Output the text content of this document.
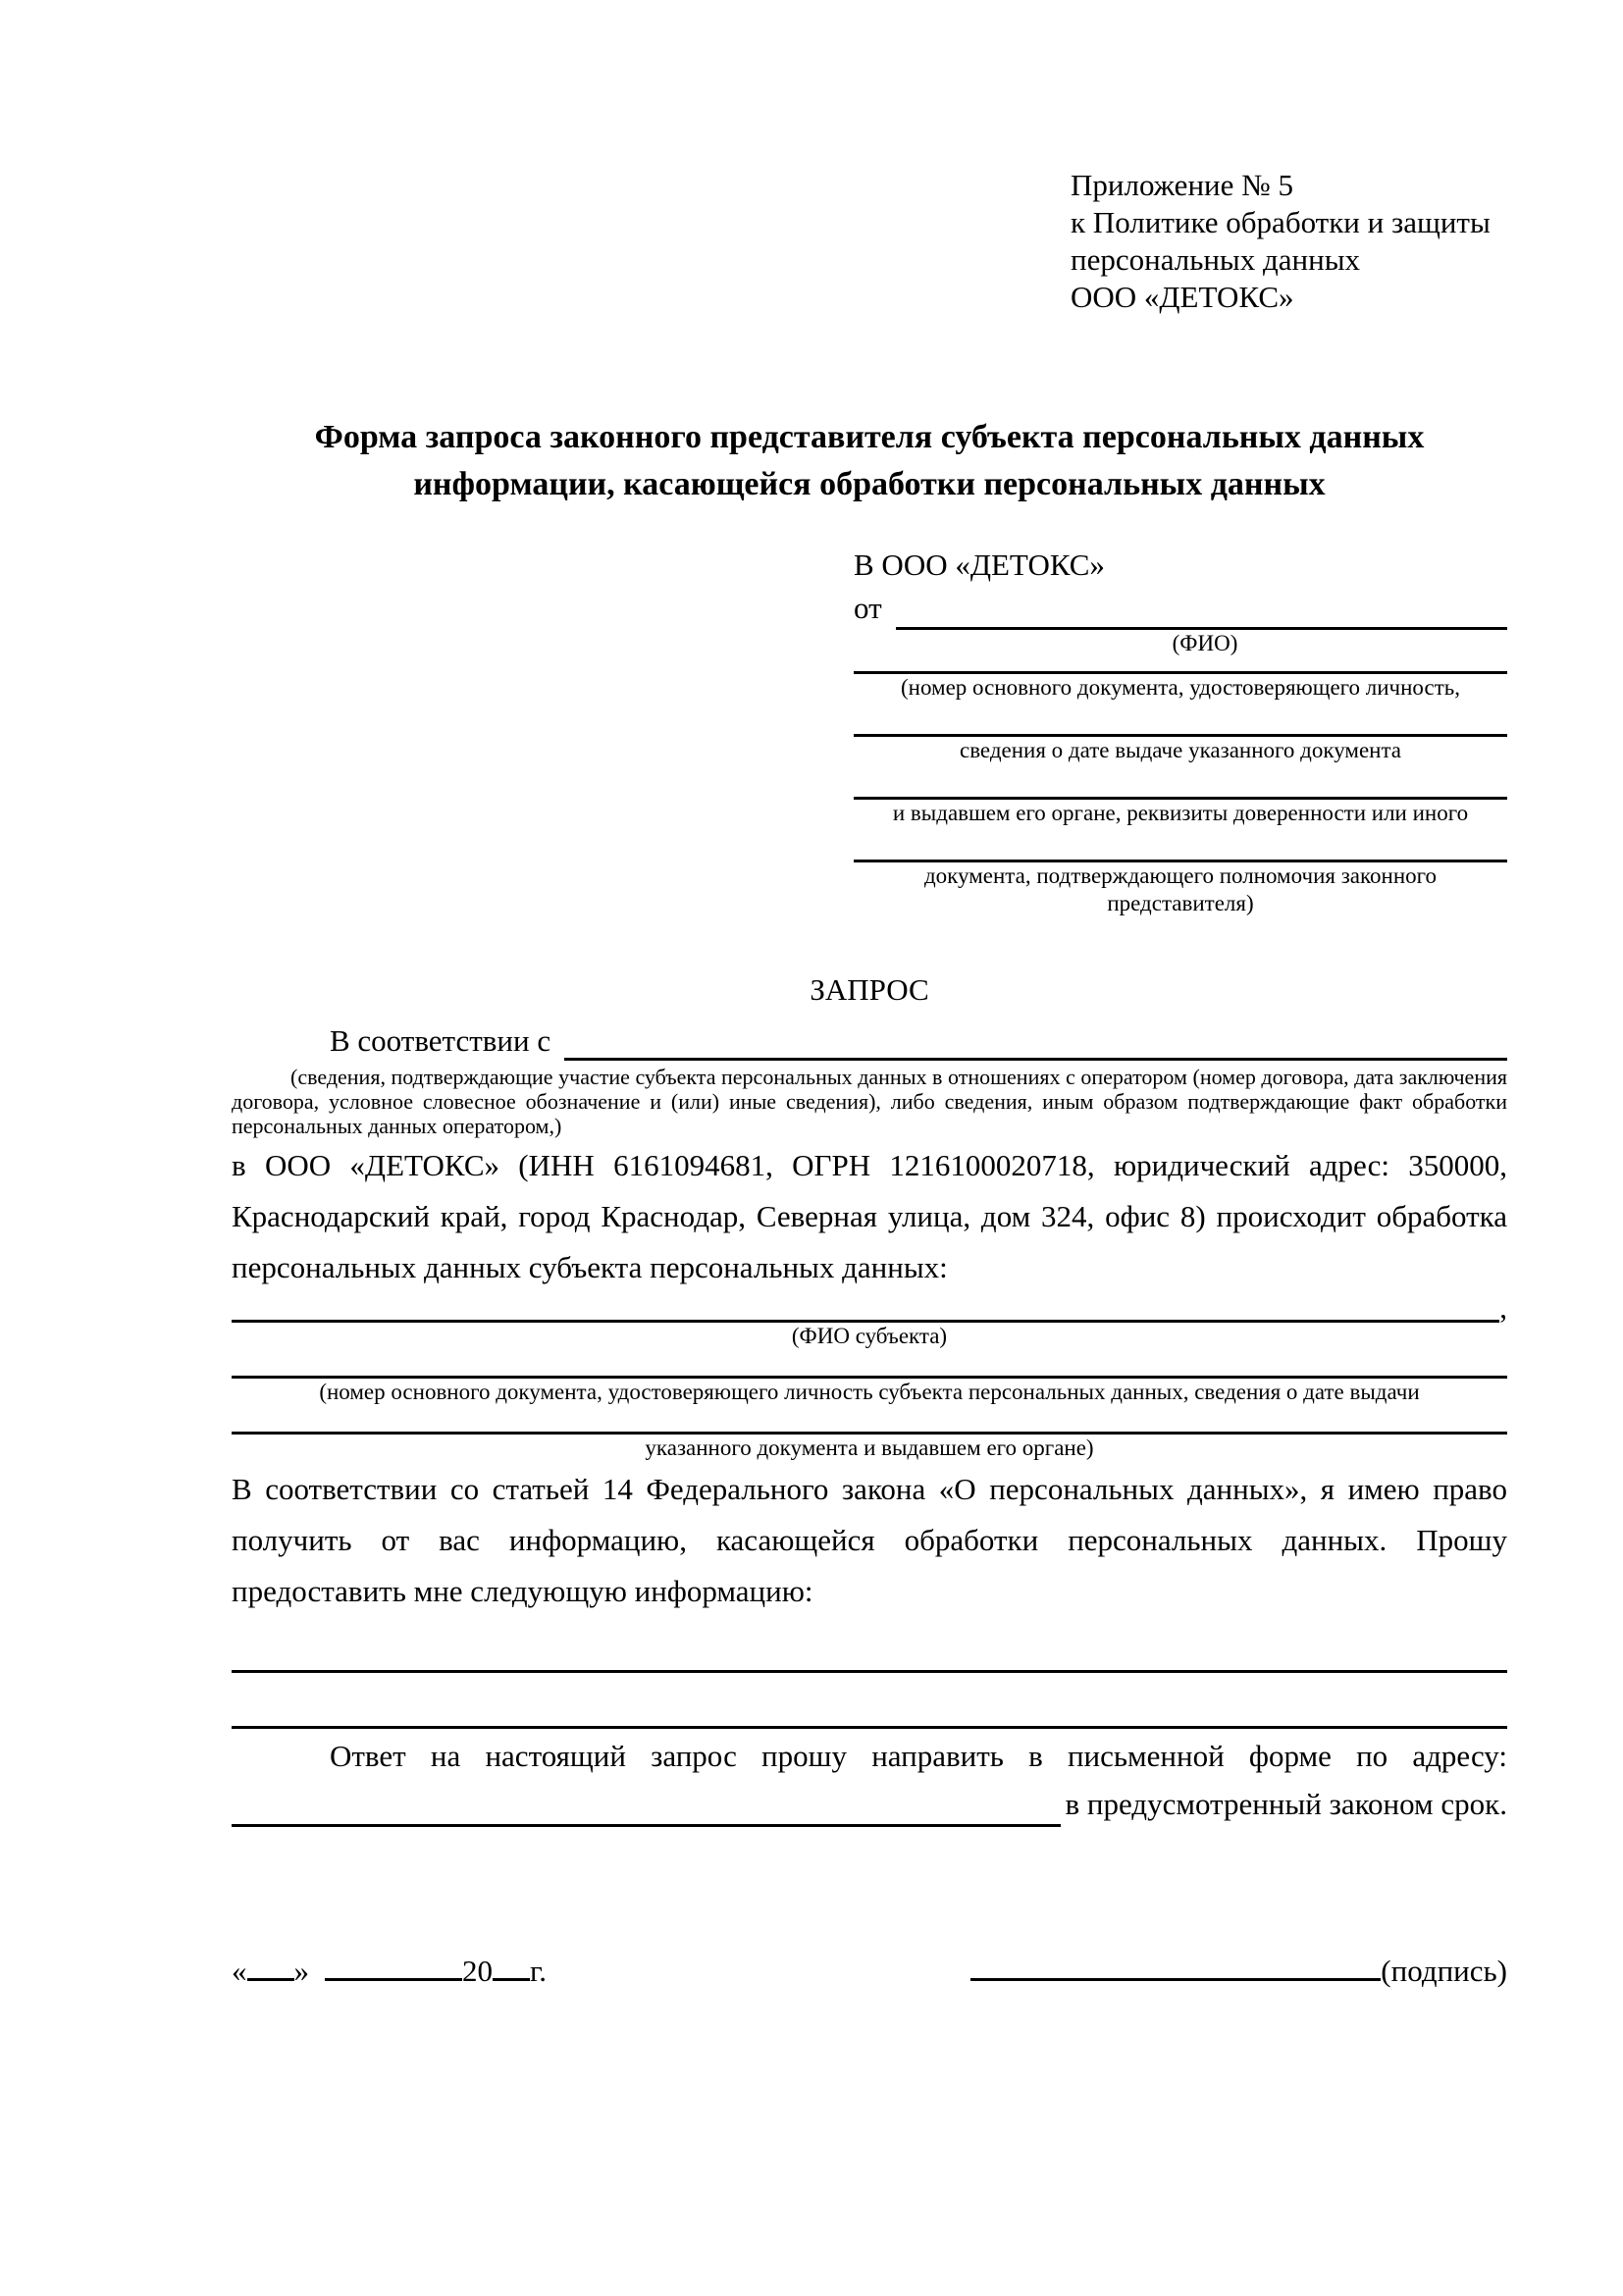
Приложение № 5
к Политике обработки и защиты
персональных данных
ООО «ДЕТОКС»
Форма запроса законного представителя субъекта персональных данных
информации, касающейся обработки персональных данных
В ООО «ДЕТОКС»
от
(ФИО)
(номер основного документа, удостоверяющего личность,
сведения о дате выдаче указанного документа
и выдавшем его органе, реквизиты доверенности или иного
документа, подтверждающего полномочия законного представителя)
ЗАПРОС
В соответствии с
(сведения, подтверждающие участие субъекта персональных данных в отношениях с оператором (номер договора, дата заключения договора, условное словесное обозначение и (или) иные сведения), либо сведения, иным образом подтверждающие факт обработки персональных данных оператором,)
в ООО «ДЕТОКС» (ИНН 6161094681, ОГРН 1216100020718, юридический адрес: 350000, Краснодарский край, город Краснодар, Северная улица, дом 324, офис 8) происходит обработка персональных данных субъекта персональных данных:
,
(ФИО субъекта)
(номер основного документа, удостоверяющего личность субъекта персональных данных, сведения о дате выдачи
указанного документа и выдавшем его органе)
В соответствии со статьей 14 Федерального закона «О персональных данных», я имею право получить от вас информацию, касающейся обработки персональных данных. Прошу предоставить мне следующую информацию:
Ответ на настоящий запрос прошу направить в письменной форме по адресу:
в предусмотренный законом срок.
« »	20 г.	(подпись)
